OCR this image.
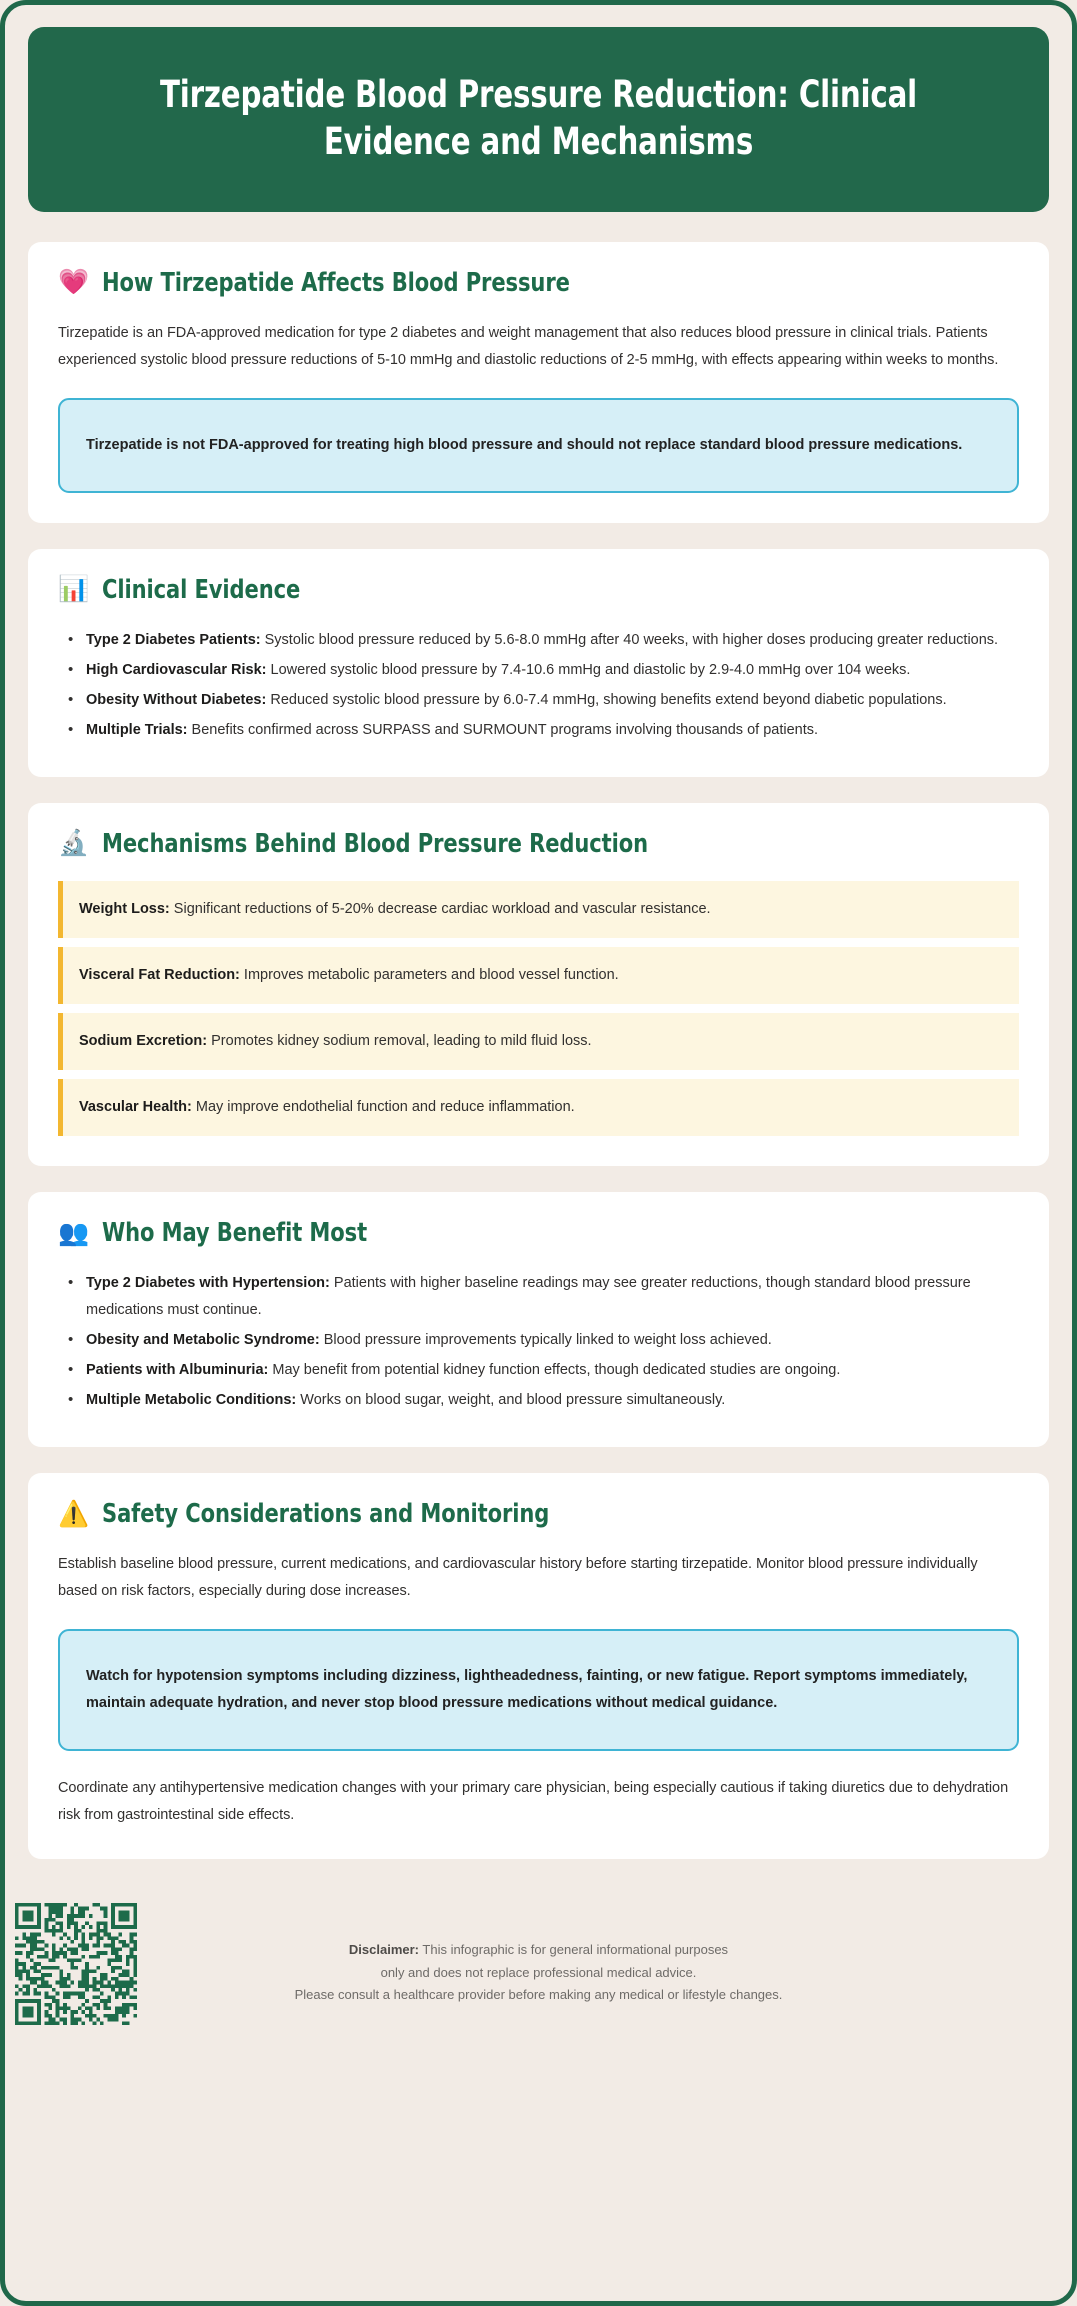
Tirzepatide Blood Pressure Reduction: Clinical Evidence and Mechanisms
💗 How Tirzepatide Affects Blood Pressure
Tirzepatide is an FDA-approved medication for type 2 diabetes and weight management that also reduces blood pressure in clinical trials. Patients experienced systolic blood pressure reductions of 5-10 mmHg and diastolic reductions of 2-5 mmHg, with effects appearing within weeks to months.
Tirzepatide is not FDA-approved for treating high blood pressure and should not replace standard blood pressure medications.
📊 Clinical Evidence
• Type 2 Diabetes Patients: Systolic blood pressure reduced by 5.6-8.0 mmHg after 40 weeks, with higher doses producing greater reductions.
• High Cardiovascular Risk: Lowered systolic blood pressure by 7.4-10.6 mmHg and diastolic by 2.9-4.0 mmHg over 104 weeks.
• Obesity Without Diabetes: Reduced systolic blood pressure by 6.0-7.4 mmHg, showing benefits extend beyond diabetic populations.
• Multiple Trials: Benefits confirmed across SURPASS and SURMOUNT programs involving thousands of patients.
🔬 Mechanisms Behind Blood Pressure Reduction
Weight Loss: Significant reductions of 5-20% decrease cardiac workload and vascular resistance.
Visceral Fat Reduction: Improves metabolic parameters and blood vessel function.
Sodium Excretion: Promotes kidney sodium removal, leading to mild fluid loss.
Vascular Health: May improve endothelial function and reduce inflammation.
👥 Who May Benefit Most
• Type 2 Diabetes with Hypertension: Patients with higher baseline readings may see greater reductions, though standard blood pressure medications must continue.
• Obesity and Metabolic Syndrome: Blood pressure improvements typically linked to weight loss achieved.
• Patients with Albuminuria: May benefit from potential kidney function effects, though dedicated studies are ongoing.
• Multiple Metabolic Conditions: Works on blood sugar, weight, and blood pressure simultaneously.
⚠️ Safety Considerations and Monitoring
Establish baseline blood pressure, current medications, and cardiovascular history before starting tirzepatide. Monitor blood pressure individually based on risk factors, especially during dose increases.
Watch for hypotension symptoms including dizziness, lightheadedness, fainting, or new fatigue. Report symptoms immediately, maintain adequate hydration, and never stop blood pressure medications without medical guidance.
Coordinate any antihypertensive medication changes with your primary care physician, being especially cautious if taking diuretics due to dehydration risk from gastrointestinal side effects.
Disclaimer: This infographic is for general informational purposes
only and does not replace professional medical advice.
Please consult a healthcare provider before making any medical or lifestyle changes.
